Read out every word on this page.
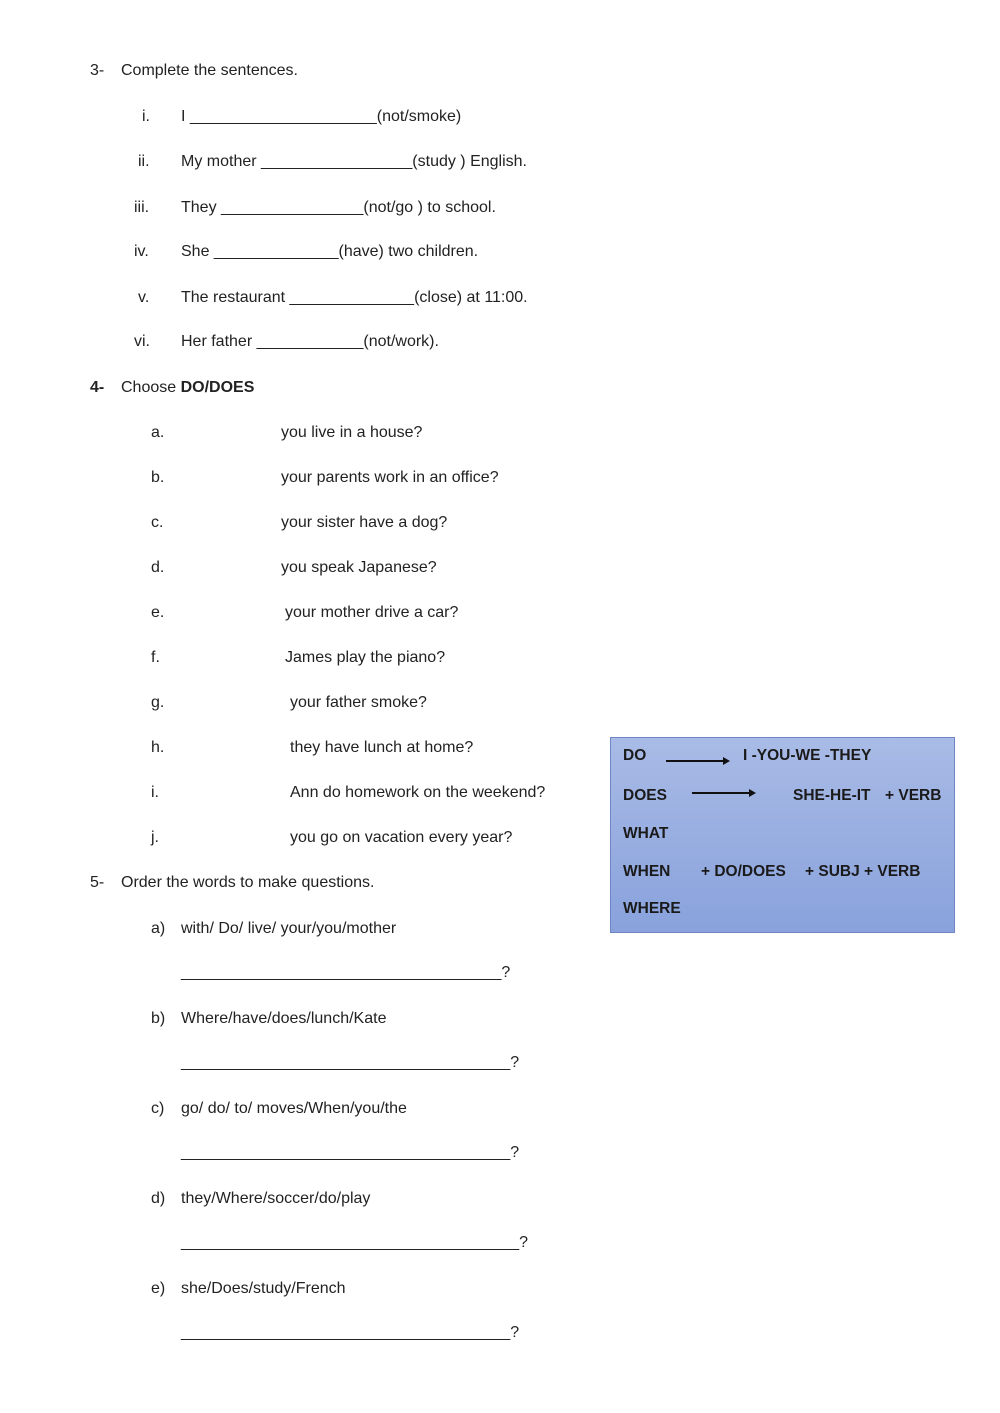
3- Complete the sentences.
i. I _____________________(not/smoke)
ii. My mother _________________(study ) English.
iii. They ________________(not/go ) to school.
iv. She ______________(have) two children.
v. The restaurant ______________(close) at 11:00.
vi. Her father ____________(not/work).
4- Choose DO/DOES
a.	you live in a house?
b.	your parents work in an office?
c.	your sister have a dog?
d.	you speak Japanese?
e.	your mother drive a car?
f.	James play the piano?
g.	your father smoke?
h.	they have lunch at home?
i.	Ann do homework on the weekend?
j.	you go on vacation every year?
DO	I -YOU-WE -THEY
DOES	SHE-HE-IT + VERB
WHAT
WHEN + DO/DOES + SUBJ + VERB
WHERE
5- Order the words to make questions.
a) with/ Do/ live/ your/you/mother
____________________________________?
b) Where/have/does/lunch/Kate
_____________________________________?
c) go/ do/ to/ moves/When/you/the
_____________________________________?
d) they/Where/soccer/do/play
______________________________________?
e) she/Does/study/French
_____________________________________?
